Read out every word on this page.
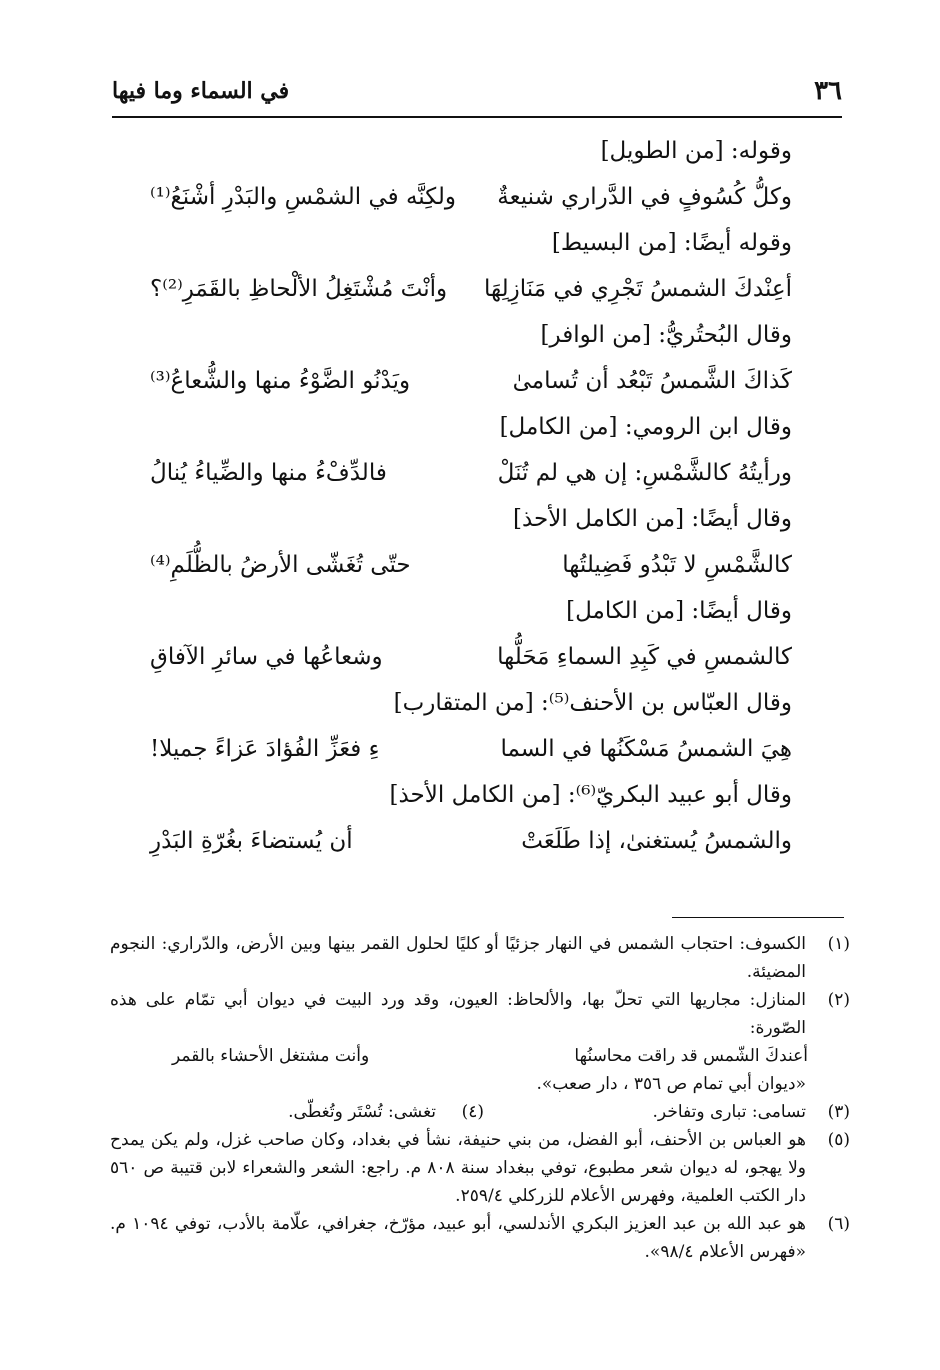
٣٦
في السماء وما فيها
وقوله: [من الطويل]
وكلُّ كُسُوفٍ في الدَّراري شنيعةٌ
ولكِنَّه في الشمْسِ والبَدْرِ أشْنَعُ⁽¹⁾
وقوله أيضًا: [من البسيط]
أعِنْدكَ الشمسُ تَجْرِي في مَنَازِلِهَا
وأنْتَ مُشْتَغِلُ الألْحاظِ بالقَمَرِ⁽²⁾؟
وقال البُحتُريُّ: [من الوافر]
كَذاكَ الشَّمسُ تَبْعُد أن تُسامىٰ
ويَدْنُو الضَّوْءُ منها والشُّعاعُ⁽³⁾
وقال ابن الرومي: [من الكامل]
ورأيتُهُ كالشَّمْسِ: إن هي لم تُنَلْ
فالدِّفْءُ منها والضِّياءُ يُنالُ
وقال أيضًا: [من الكامل الأحذ]
كالشَّمْسِ لا تَبْدُو فَضِيلتُها
حتّى تُغَشّى الأرضُ بالظُّلَمِ⁽⁴⁾
وقال أيضًا: [من الكامل]
كالشمسِ في كَبِدِ السماءِ مَحَلُّها
وشعاعُها في سائرِ الآفاقِ
وقال العبّاس بن الأحنف⁽⁵⁾: [من المتقارب]
هِيَ الشمسُ مَسْكَنُها في السما
ءِ فعَزِّ الفُؤادَ عَزاءً جميلا!
وقال أبو عبيد البكريّ⁽⁶⁾: [من الكامل الأحذ]
والشمسُ يُستغنىٰ، إذا طَلَعَتْ
أن يُستضاءَ بغُرّةِ البَدْرِ
(١)
الكسوف: احتجاب الشمس في النهار جزئيًا أو كليًا لحلول القمر بينها وبين الأرض، والدّراري: النجوم المضيئة.
(٢)
المنازل: مجاريها التي تحلّ بها، والألحاظ: العيون، وقد ورد البيت في ديوان أبي تمّام على هذه الصّورة:
أعندكَ الشّمس قد راقت محاسنُها
وأنت مشتغل الأحشاء بالقمر
«ديوان أبي تمام ص ٣٥٦ ، دار صعب».
(٣)
تسامى: تبارى وتفاخر.
(٤)
تغشى: تُسْتَر وتُغطّى.
(٥)
هو العباس بن الأحنف، أبو الفضل، من بني حنيفة، نشأ في بغداد، وكان صاحب غزل، ولم يكن يمدح ولا يهجو، له ديوان شعر مطبوع، توفي ببغداد سنة ٨٠٨ م. راجع: الشعر والشعراء لابن قتيبة ص ٥٦٠ دار الكتب العلمية، وفهرس الأعلام للزركلي ٢٥٩/٤.
(٦)
هو عبد الله بن عبد العزيز البكري الأندلسي، أبو عبيد، مؤرّخ، جغرافي، علّامة بالأدب، توفي ١٠٩٤ م. «فهرس الأعلام ٩٨/٤».
